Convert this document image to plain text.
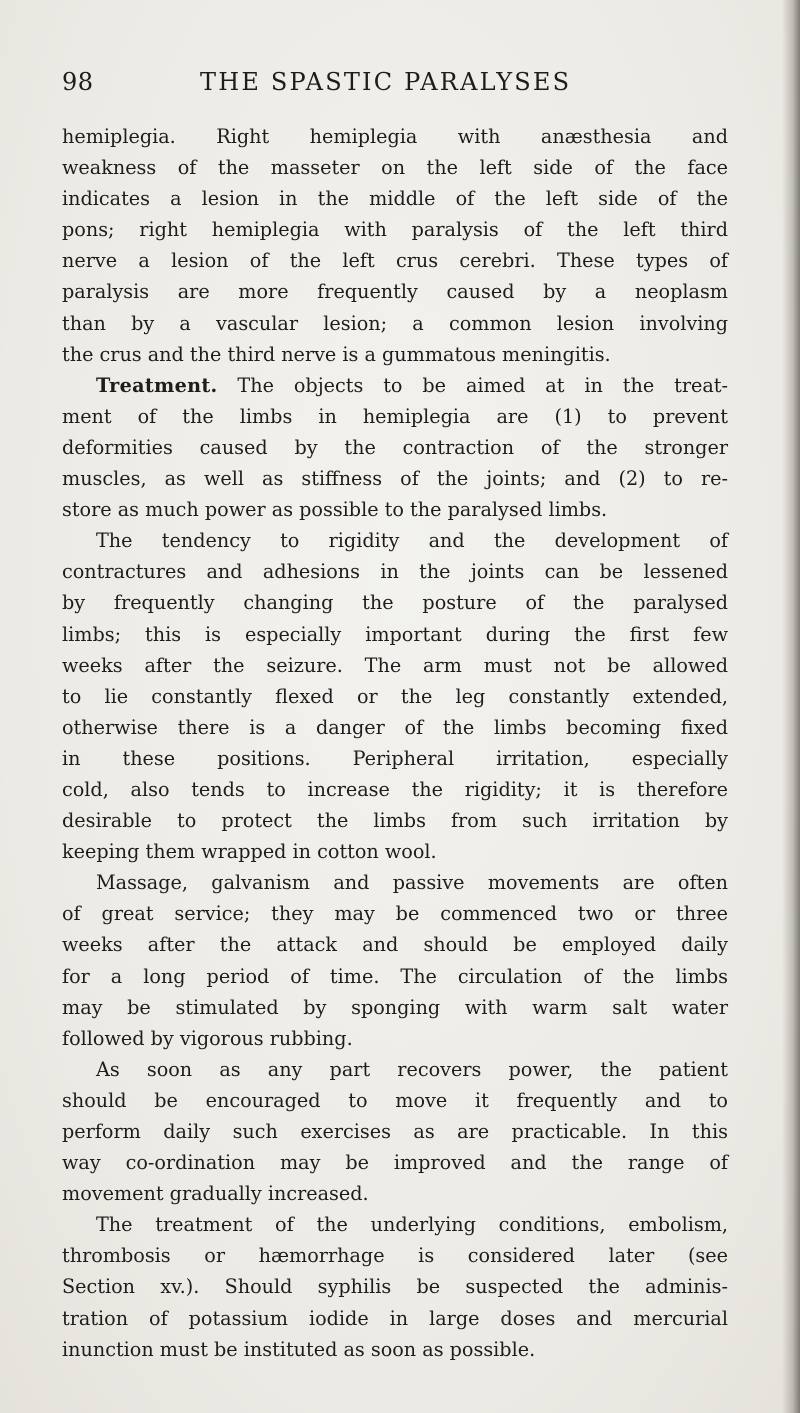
98	THE SPASTIC PARALYSES
hemiplegia. Right hemiplegia with anæsthesia and
weakness of the masseter on the left side of the face
indicates a lesion in the middle of the left side of the
pons; right hemiplegia with paralysis of the left third
nerve a lesion of the left crus cerebri. These types of
paralysis are more frequently caused by a neoplasm
than by a vascular lesion; a common lesion involving
the crus and the third nerve is a gummatous meningitis.
Treatment. The objects to be aimed at in the treat-
ment of the limbs in hemiplegia are (1) to prevent
deformities caused by the contraction of the stronger
muscles, as well as stiffness of the joints; and (2) to re-
store as much power as possible to the paralysed limbs.
The tendency to rigidity and the development of
contractures and adhesions in the joints can be lessened
by frequently changing the posture of the paralysed
limbs; this is especially important during the first few
weeks after the seizure. The arm must not be allowed
to lie constantly flexed or the leg constantly extended,
otherwise there is a danger of the limbs becoming fixed
in these positions. Peripheral irritation, especially
cold, also tends to increase the rigidity; it is therefore
desirable to protect the limbs from such irritation by
keeping them wrapped in cotton wool.
Massage, galvanism and passive movements are often
of great service; they may be commenced two or three
weeks after the attack and should be employed daily
for a long period of time. The circulation of the limbs
may be stimulated by sponging with warm salt water
followed by vigorous rubbing.
As soon as any part recovers power, the patient
should be encouraged to move it frequently and to
perform daily such exercises as are practicable. In this
way co-ordination may be improved and the range of
movement gradually increased.
The treatment of the underlying conditions, embolism,
thrombosis or hæmorrhage is considered later (see
Section xv.). Should syphilis be suspected the adminis-
tration of potassium iodide in large doses and mercurial
inunction must be instituted as soon as possible.
